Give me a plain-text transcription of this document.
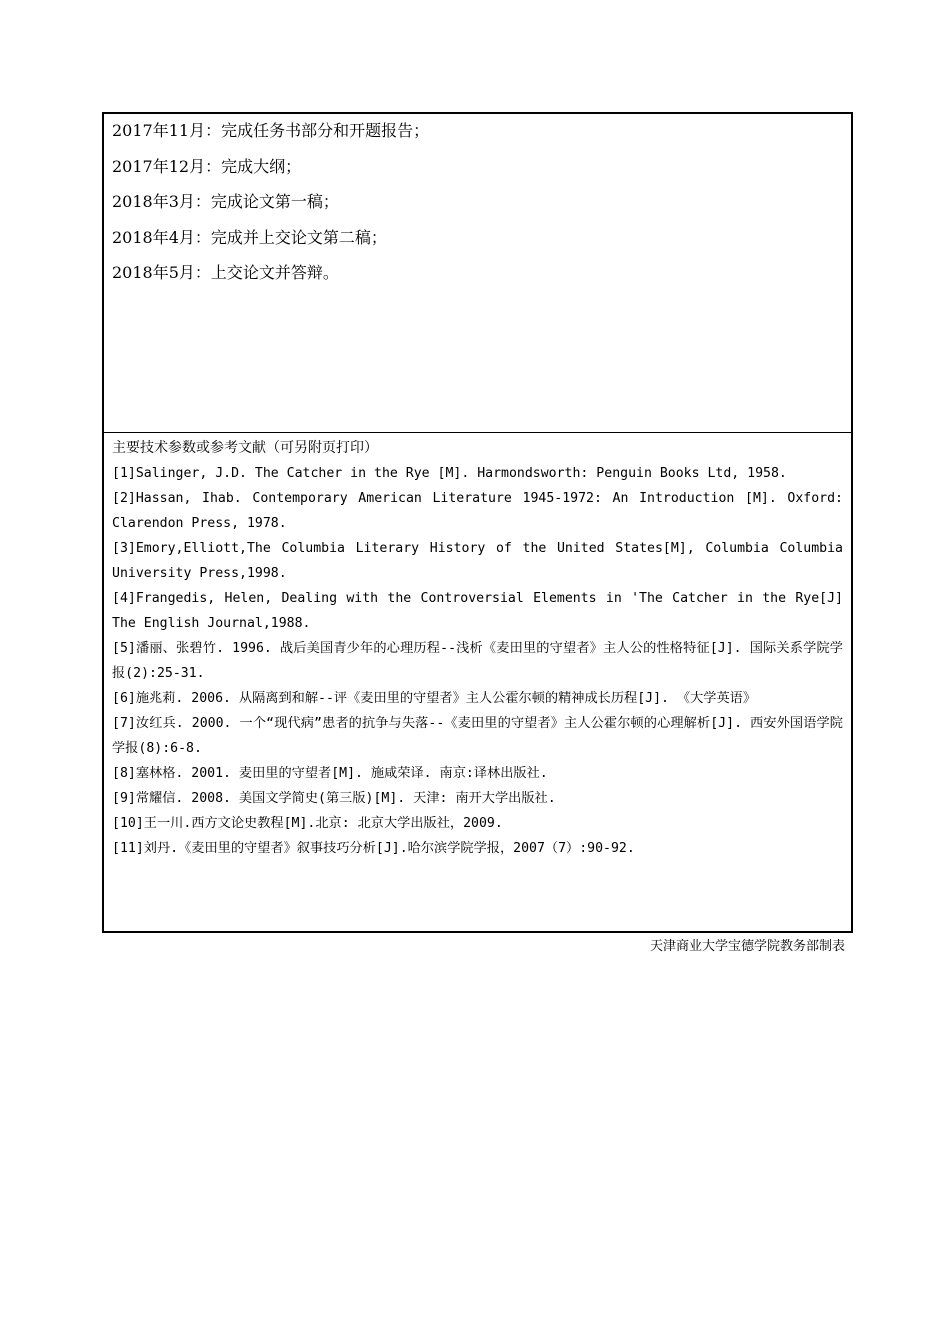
2017年11月：完成任务书部分和开题报告；
2017年12月：完成大纲；
2018年3月：完成论文第一稿；
2018年4月：完成并上交论文第二稿；
2018年5月：上交论文并答辩。
主要技术参数或参考文献（可另附页打印）
[1]Salinger, J.D. The Catcher in the Rye [M]. Harmondsworth: Penguin Books Ltd, 1958.
[2]Hassan, Ihab. Contemporary American Literature 1945-1972: An Introduction [M]. Oxford: Clarendon Press, 1978.
[3]Emory,Elliott,The Columbia Literary History of the United States[M], Columbia Columbia University Press,1998.
[4]Frangedis, Helen, Dealing with the Controversial Elements in 'The Catcher in the Rye[J] The English Journal,1988.
[5]潘丽、张碧竹. 1996. 战后美国青少年的心理历程--浅析《麦田里的守望者》主人公的性格特征[J]. 国际关系学院学报(2):25-31.
[6]施兆莉. 2006. 从隔离到和解--评《麦田里的守望者》主人公霍尔顿的精神成长历程[J]. 《大学英语》
[7]汝红兵. 2000. 一个“现代病”患者的抗争与失落--《麦田里的守望者》主人公霍尔顿的心理解析[J]. 西安外国语学院学报(8):6-8.
[8]塞林格. 2001. 麦田里的守望者[M]. 施咸荣译. 南京:译林出版社.
[9]常耀信. 2008. 美国文学简史(第三版)[M]. 天津: 南开大学出版社.
[10]王一川.西方文论史教程[M].北京: 北京大学出版社，2009.
[11]刘丹.《麦田里的守望者》叙事技巧分析[J].哈尔滨学院学报，2007（7）:90-92.
天津商业大学宝德学院教务部制表
